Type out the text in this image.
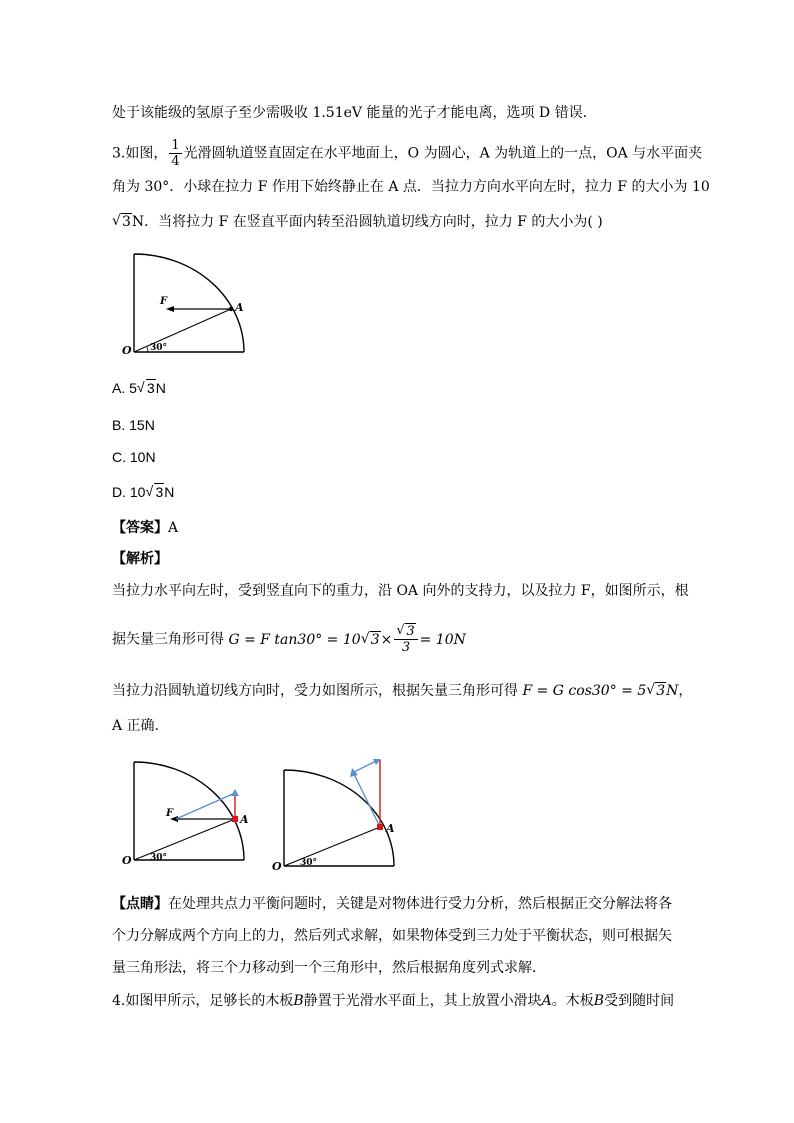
处于该能级的氢原子至少需吸收 1.51eV 能量的光子才能电离，选项 D 错误.
3.如图， $\frac{1}{4}$ 光滑圆轨道竖直固定在水平地面上，O 为圆心，A 为轨道上的一点，OA 与水平面夹
角为 30°．小球在拉力 F 作用下始终静止在 A 点．当拉力方向水平向左时，拉力 F 的大小为 10
√ 3N．当将拉力 F 在竖直平面内转至沿圆轨道切线方向时，拉力 F 的大小为( )
F	A
O 30°
A. 5 √ 3N
B. 15N
C. 10N
D. 10 √ 3N
【答案】A
【解析】
当拉力水平向左时，受到竖直向下的重力，沿 OA 向外的支持力，以及拉力 F，如图所示，根
据矢量三角形可得 G = F tan30° = 10 √ 3× √ $\frac{3}{3} = 10N$
当拉力沿圆轨道切线方向时，受力如图所示，根据矢量三角形可得 F = G cos30° = 5 √ 3N，
A 正确.
F	A
O 30°
A
O 30°
【点睛】在处理共点力平衡问题时，关键是对物体进行受力分析，然后根据正交分解法将各
个力分解成两个方向上的力，然后列式求解，如果物体受到三力处于平衡状态，则可根据矢
量三角形法，将三个力移动到一个三角形中，然后根据角度列式求解．
4.如图甲所示，足够长的木板B静置于光滑水平面上，其上放置小滑块A。木板B受到随时间
